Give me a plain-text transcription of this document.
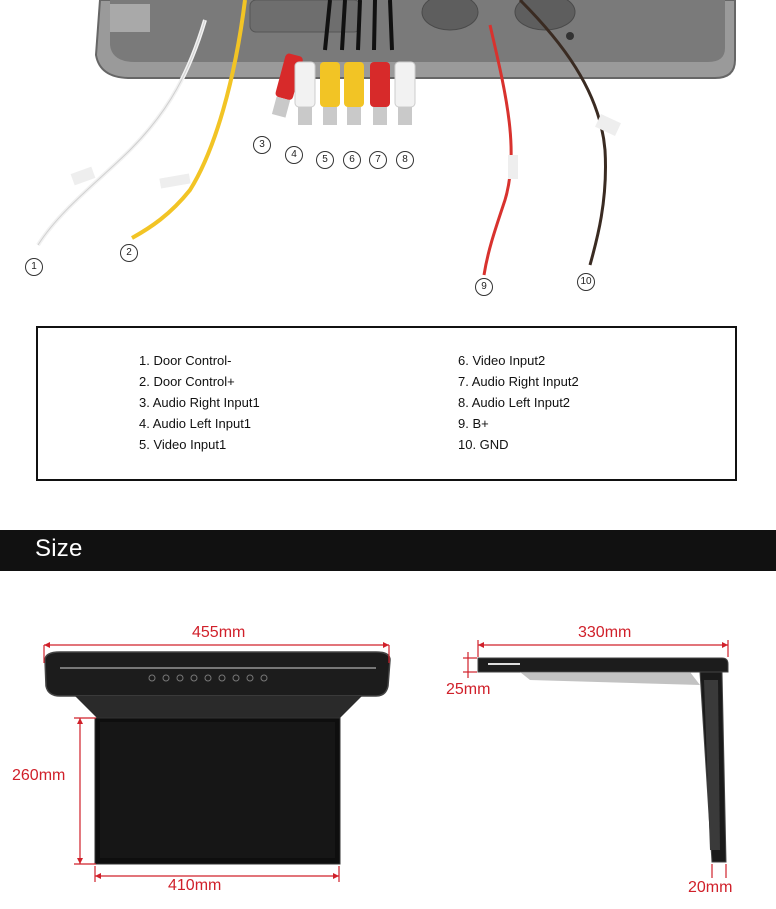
1
2
3
4	5	6	7	8
9	10
1. Door Control-
2. Door Control+
3. Audio Right Input1
4. Audio Left Input1
5. Video Input1
6. Video Input2
7. Audio Right Input2
8. Audio Left Input2
9. B+
10. GND
Size
455mm
260mm
410mm
330mm
25mm
20mm
